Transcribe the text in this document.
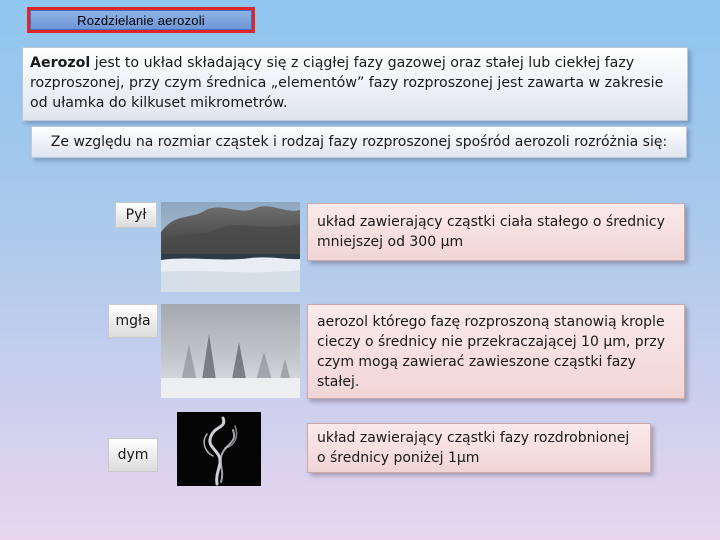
Rozdzielanie aerozoli
Aerozol jest to układ składający się z ciągłej fazy gazowej oraz stałej lub ciekłej fazy rozproszonej, przy czym średnica „elementów” fazy rozproszonej jest zawarta w zakresie od ułamka do kilkuset mikrometrów.
Ze względu na rozmiar cząstek i rodzaj fazy rozproszonej spośród aerozoli rozróżnia się:
Pył	układ zawierający cząstki ciała stałego o średnicy mniejszej od 300 µm
mgła	aerozol którego fazę rozproszoną stanowią krople cieczy o średnicy nie przekraczającej 10 µm, przy czym mogą zawierać zawieszone cząstki fazy stałej.
dym
układ zawierający cząstki fazy rozdrobnionej o średnicy poniżej 1µm
